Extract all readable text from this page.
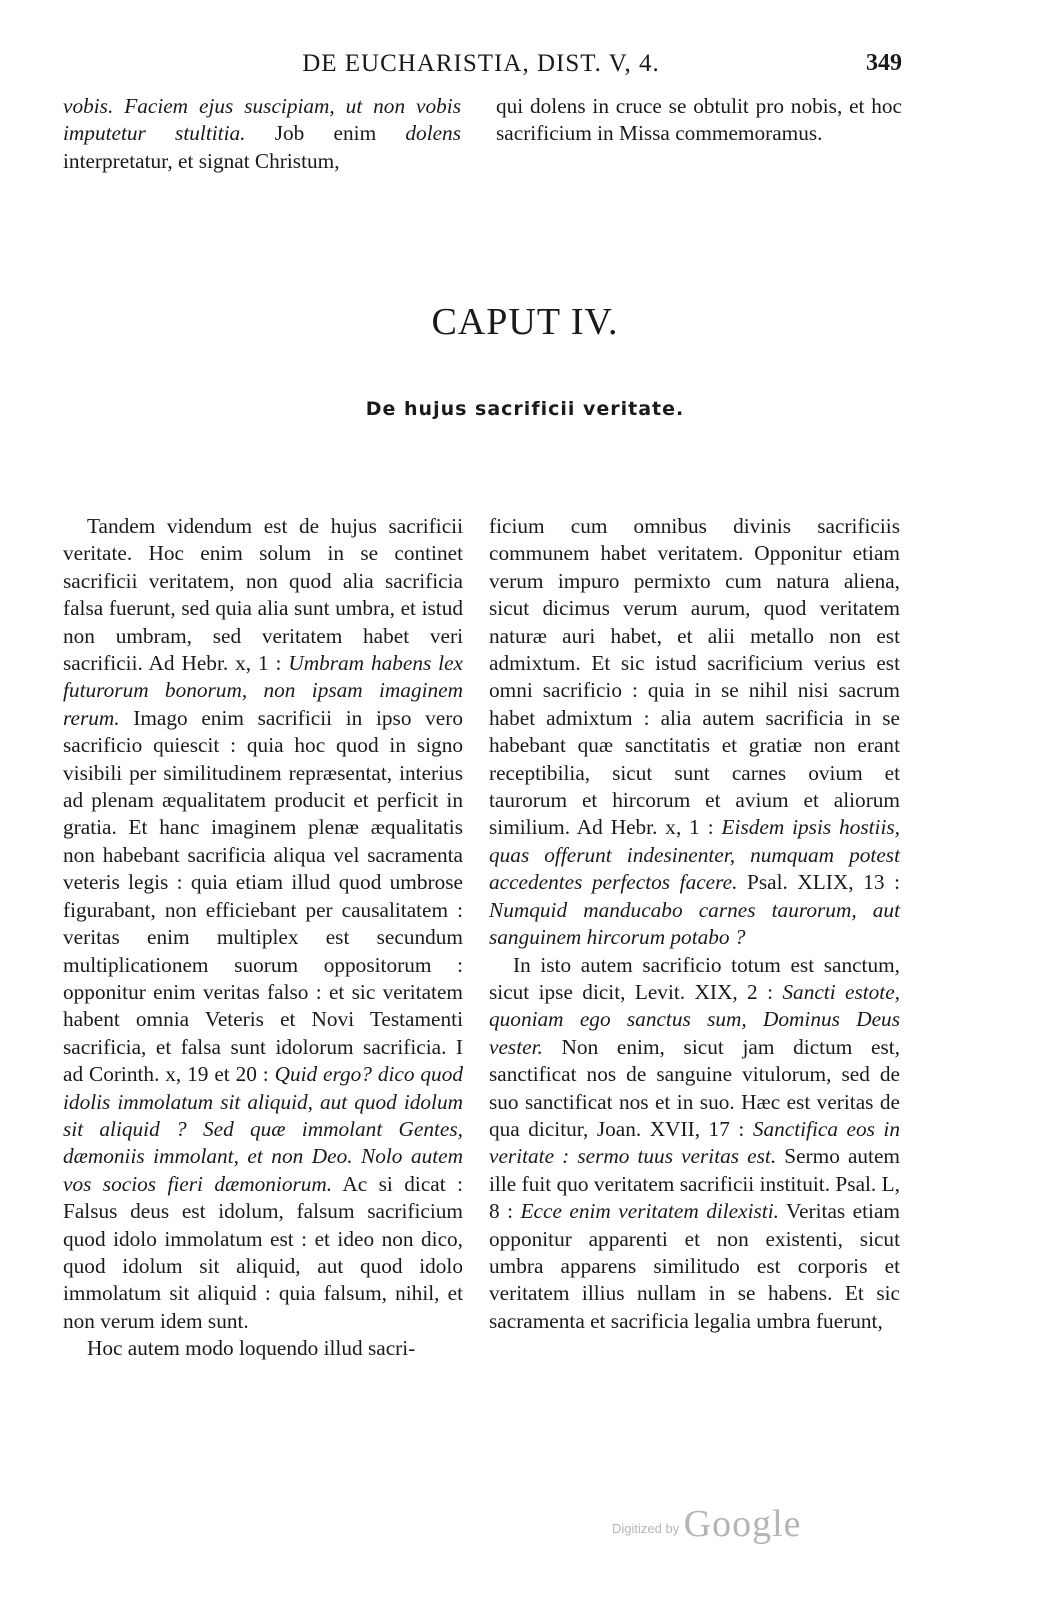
DE EUCHARISTIA, DIST. V, 4.	349

vobis. Faciem ejus suscipiam, ut non vobis imputetur stultitia. Job enim dolens interpretatur, et signat Christum,

qui dolens in cruce se obtulit pro nobis, et hoc sacrificium in Missa commemoramus.

CAPUT IV.
De hujus sacrificii veritate.

Tandem videndum est de hujus sacrificii veritate. Hoc enim solum in se continet sacrificii veritatem, non quod alia sacrificia falsa fuerunt, sed quia alia sunt umbra, et istud non umbram, sed veritatem habet veri sacrificii. Ad Hebr. x, 1 : Umbram habens lex futurorum bonorum, non ipsam imaginem rerum. Imago enim sacrificii in ipso vero sacrificio quiescit : quia hoc quod in signo visibili per similitudinem repræsentat, interius ad plenam æqualitatem producit et perficit in gratia. Et hanc imaginem plenæ æqualitatis non habebant sacrificia aliqua vel sacramenta veteris legis : quia etiam illud quod umbrose figurabant, non efficiebant per causalitatem : veritas enim multiplex est secundum multiplicationem suorum oppositorum : opponitur enim veritas falso : et sic veritatem habent omnia Veteris et Novi Testamenti sacrificia, et falsa sunt idolorum sacrificia. I ad Corinth. x, 19 et 20 : Quid ergo? dico quod idolis immolatum sit aliquid, aut quod idolum sit aliquid ? Sed quæ immolant Gentes, dæmoniis immolant, et non Deo. Nolo autem vos socios fieri dæmoniorum. Ac si dicat : Falsus deus est idolum, falsum sacrificium quod idolo immolatum est : et ideo non dico, quod idolum sit aliquid, aut quod idolo immolatum sit aliquid : quia falsum, nihil, et non verum idem sunt.

Hoc autem modo loquendo illud sacri-

ficium cum omnibus divinis sacrificiis communem habet veritatem. Opponitur etiam verum impuro permixto cum natura aliena, sicut dicimus verum aurum, quod veritatem naturæ auri habet, et alii metallo non est admixtum. Et sic istud sacrificium verius est omni sacrificio : quia in se nihil nisi sacrum habet admixtum : alia autem sacrificia in se habebant quæ sanctitatis et gratiæ non erant receptibilia, sicut sunt carnes ovium et taurorum et hircorum et avium et aliorum similium. Ad Hebr. x, 1 : Eisdem ipsis hostiis, quas offerunt indesinenter, numquam potest accedentes perfectos facere. Psal. XLIX, 13 : Numquid manducabo carnes taurorum, aut sanguinem hircorum potabo ?

In isto autem sacrificio totum est sanctum, sicut ipse dicit, Levit. XIX, 2 : Sancti estote, quoniam ego sanctus sum, Dominus Deus vester. Non enim, sicut jam dictum est, sanctificat nos de sanguine vitulorum, sed de suo sanctificat nos et in suo. Hæc est veritas de qua dicitur, Joan. XVII, 17 : Sanctifica eos in veritate : sermo tuus veritas est. Sermo autem ille fuit quo veritatem sacrificii instituit. Psal. L, 8 : Ecce enim veritatem dilexisti. Veritas etiam opponitur apparenti et non existenti, sicut umbra apparens similitudo est corporis et veritatem illius nullam in se habens. Et sic sacramenta et sacrificia legalia umbra fuerunt,

Digitized by Google
